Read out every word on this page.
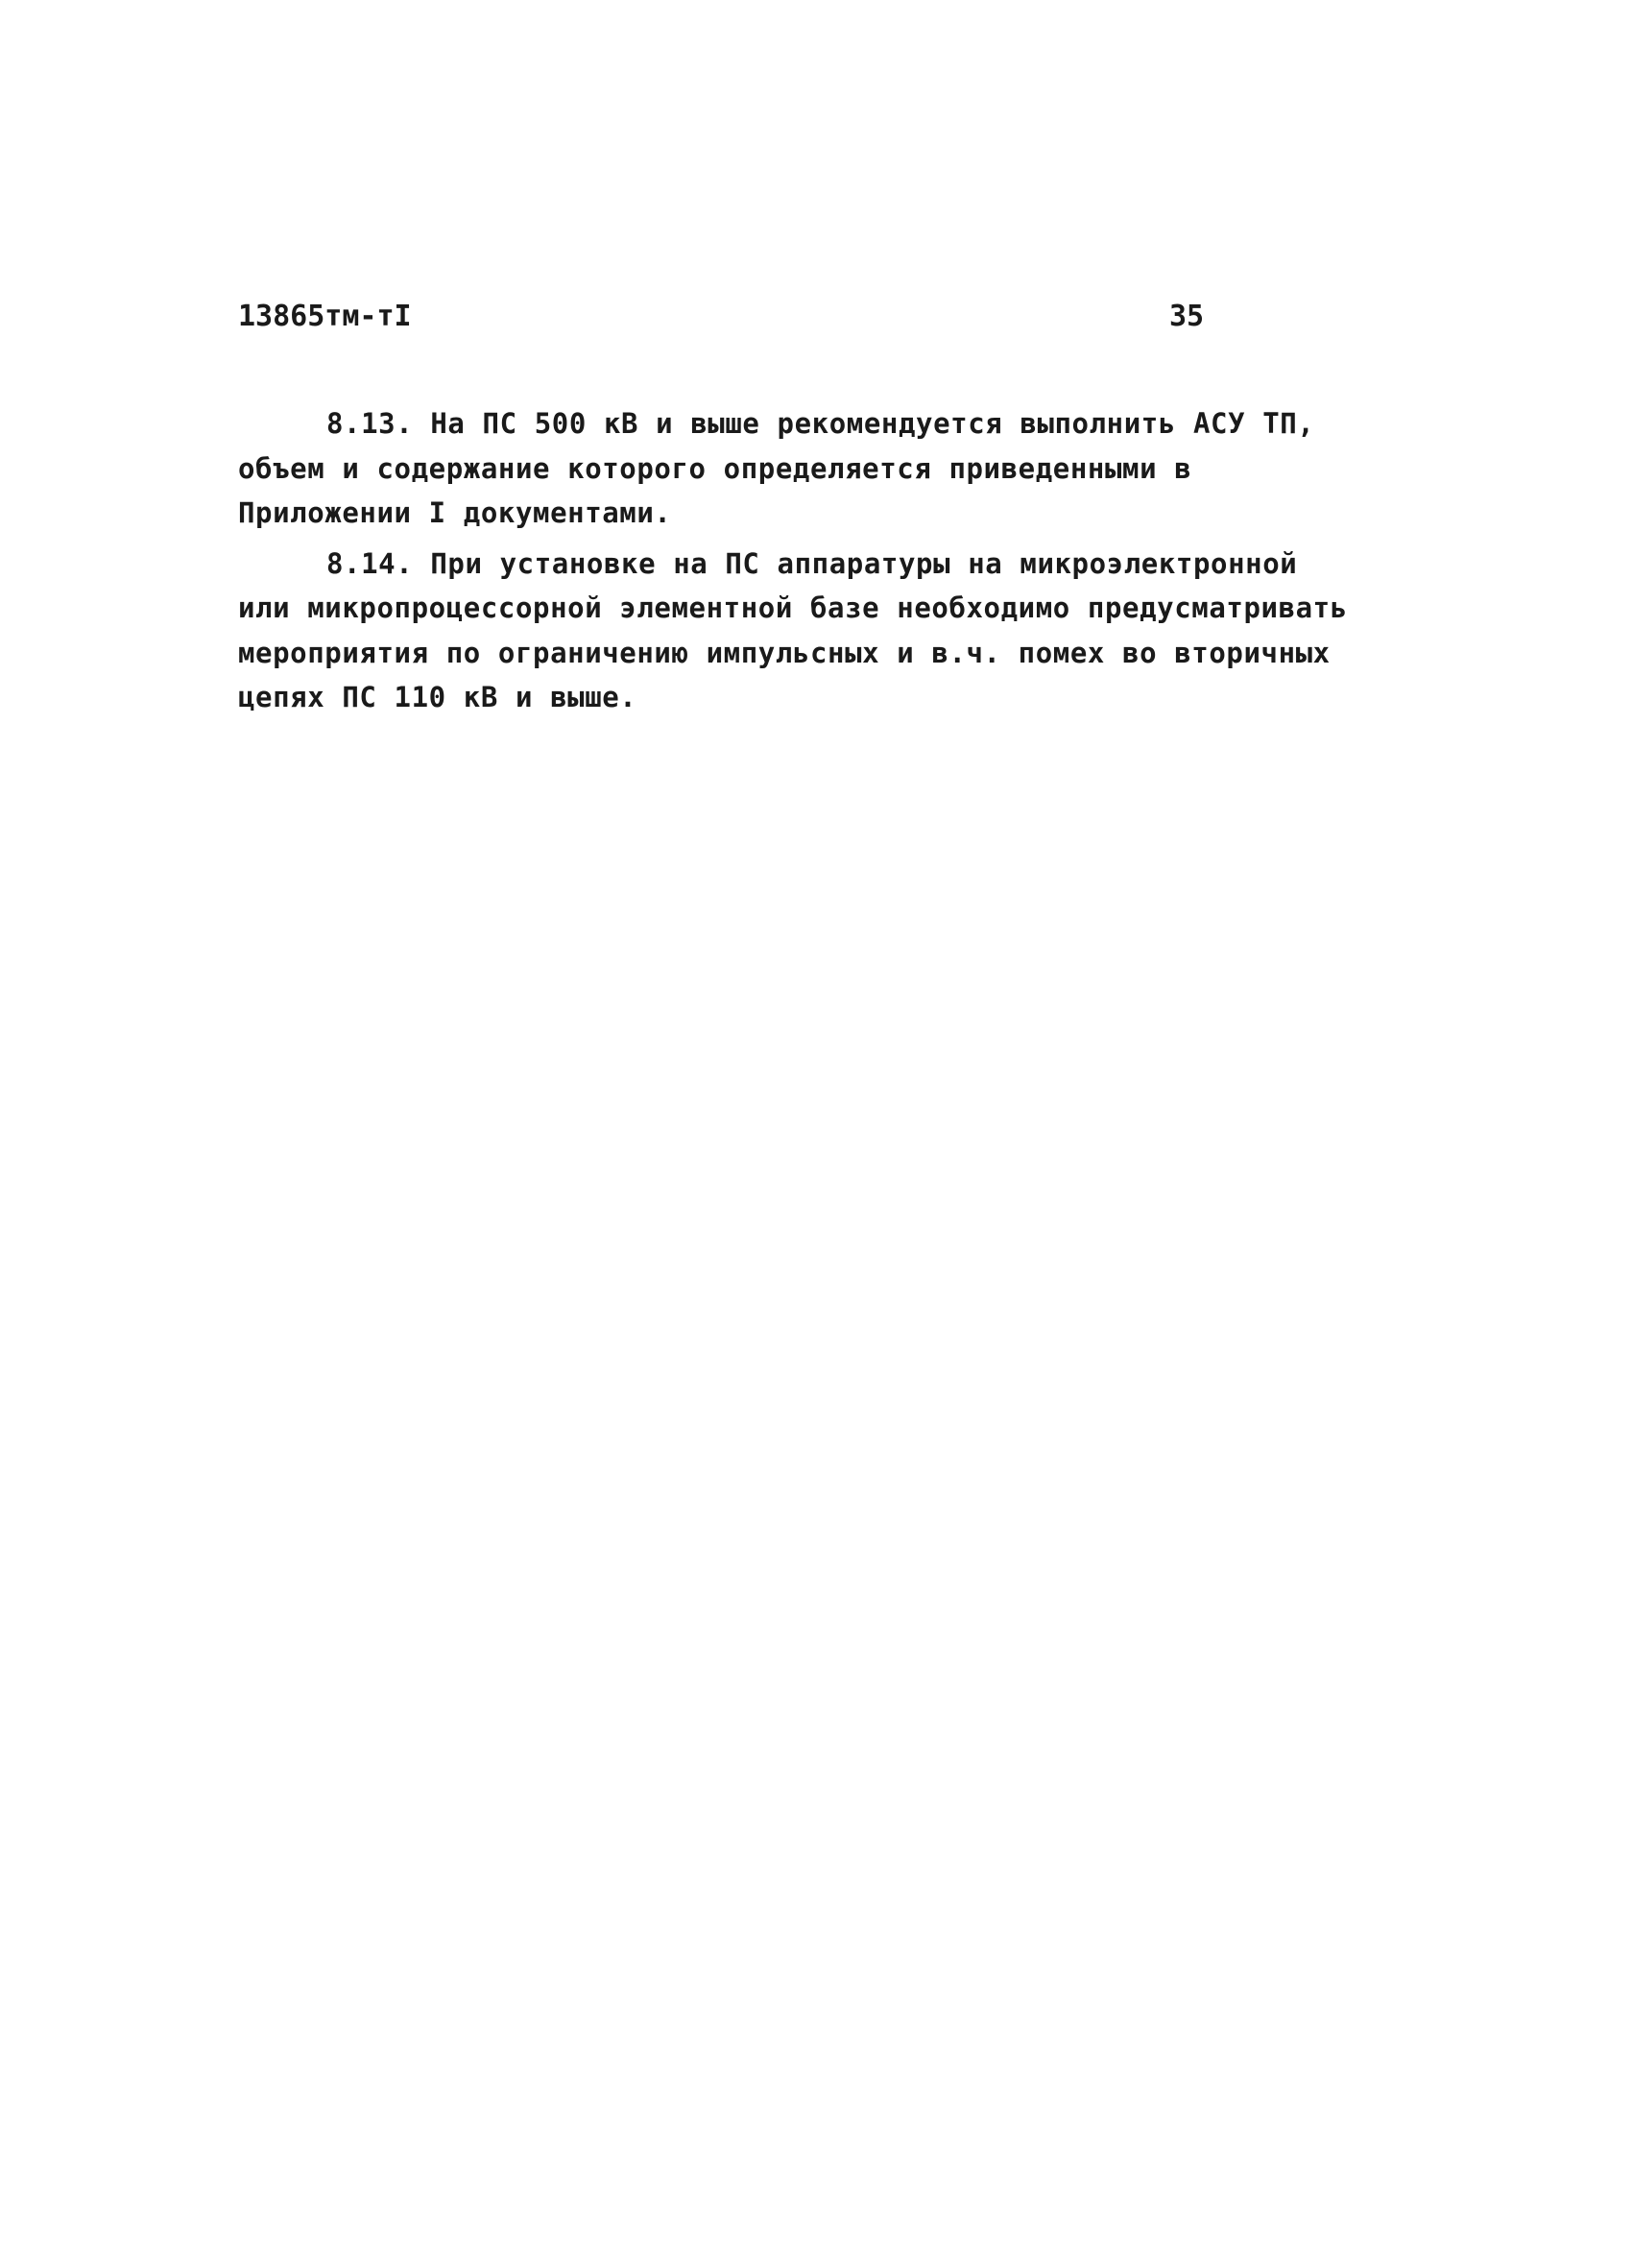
13865тм-тI	35
8.13. На ПС 500 кВ и выше рекомендуется выполнить АСУ ТП,
объем и содержание которого определяется приведенными в
Приложении I документами.
8.14. При установке на ПС аппаратуры на микроэлектронной
или микропроцессорной элементной базе необходимо предусматривать
мероприятия по ограничению импульсных и в.ч. помех во вторичных
цепях ПС 110 кВ и выше.
